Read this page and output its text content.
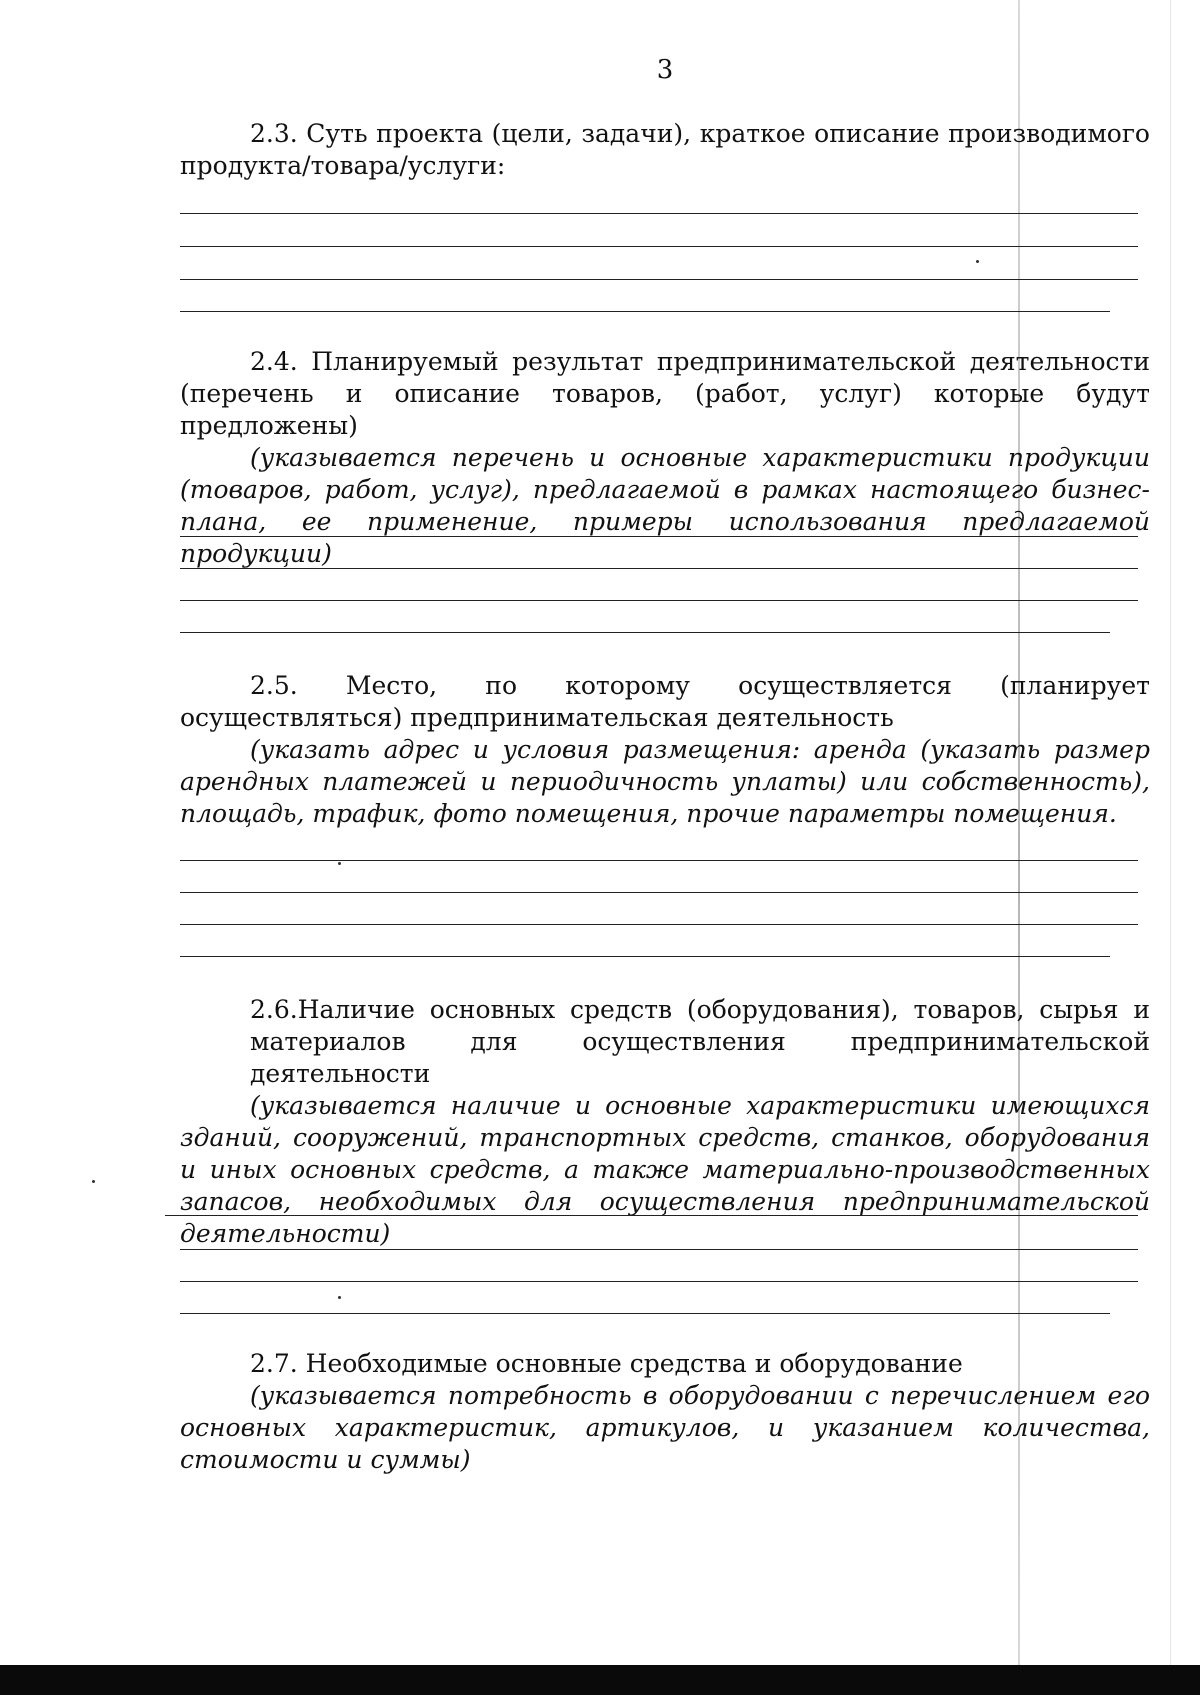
3

2.3. Суть проекта (цели, задачи), краткое описание производимого продукта/товара/услуги:

2.4. Планируемый результат предпринимательской деятельности (перечень и описание товаров, (работ, услуг) которые будут предложены)

(указывается перечень и основные характеристики продукции (товаров, работ, услуг), предлагаемой в рамках настоящего бизнес-плана, ее применение, примеры использования предлагаемой продукции)

2.5. Место, по которому осуществляется (планирует осуществляться) предпринимательская деятельность

(указать адрес и условия размещения: аренда (указать размер арендных платежей и периодичность уплаты) или собственность), площадь, трафик, фото помещения, прочие параметры помещения.

2.6.Наличие основных средств (оборудования), товаров, сырья и материалов для осуществления предпринимательской деятельности

(указывается наличие и основные характеристики имеющихся зданий, сооружений, транспортных средств, станков, оборудования и иных основных средств, а также материально-производственных запасов, необходимых для осуществления предпринимательской деятельности)

2.7. Необходимые основные средства и оборудование

(указывается потребность в оборудовании с перечислением его основных характеристик, артикулов, и указанием количества, стоимости и суммы)
